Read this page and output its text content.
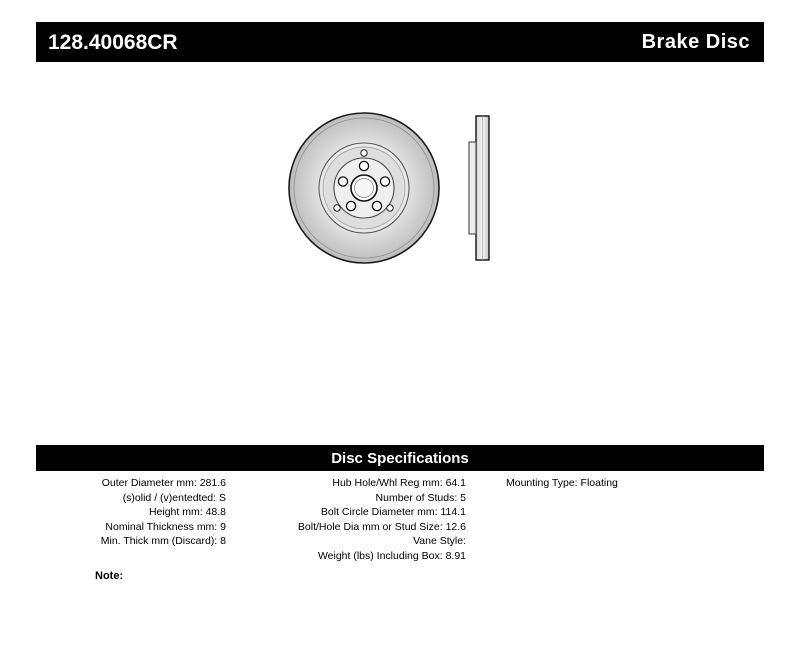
128.40068CR	Brake Disc
Disc Specifications
Outer Diameter mm: 281.6
(s)olid / (v)entedted: S
Height mm: 48.8
Nominal Thickness mm: 9
Min. Thick mm (Discard): 8
Hub Hole/Whl Reg mm: 64.1
Number of Studs: 5
Bolt Circle Diameter mm: 114.1
Bolt/Hole Dia mm or Stud Size: 12.6
Vane Style:
Weight (lbs) Including Box: 8.91
Mounting Type: Floating
Note:
